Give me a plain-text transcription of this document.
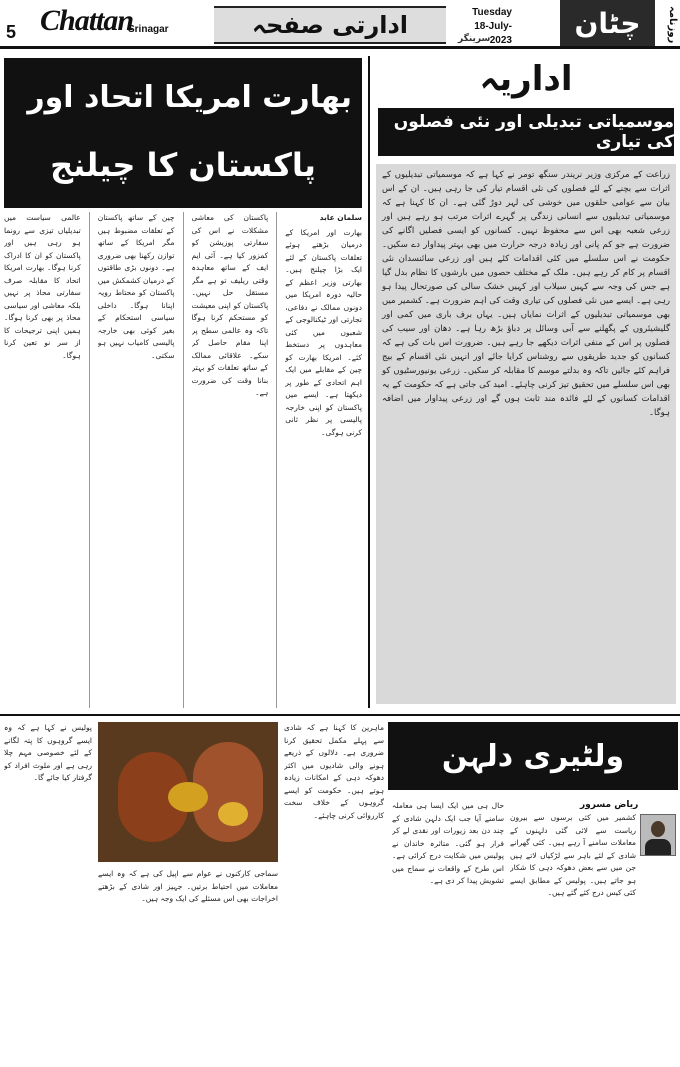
5 Chattan
Srinagar	ادارتی صفحہ	Tuesday
18-July-2023
سرینگر	چٹان	روزنامہ
اداریہ
موسمیاتی تبدیلی اور نئی فصلوں کی تیاری
زراعت کے مرکزی وزیر نریندر سنگھ تومر نے کہا ہے کہ موسمیاتی تبدیلیوں کے اثرات سے بچنے کے لئے فصلوں کی نئی اقسام تیار کی جا رہی ہیں۔ ان کے اس بیان سے عوامی حلقوں میں خوشی کی لہر دوڑ گئی ہے۔ ان کا کہنا ہے کہ موسمیاتی تبدیلیوں سے انسانی زندگی پر گہرے اثرات مرتب ہو رہے ہیں اور زرعی شعبہ بھی اس سے محفوظ نہیں۔ کسانوں کو ایسی فصلیں اگانے کی ضرورت ہے جو کم پانی اور زیادہ درجہ حرارت میں بھی بہتر پیداوار دے سکیں۔ حکومت نے اس سلسلے میں کئی اقدامات کئے ہیں اور زرعی سائنسدان نئی اقسام پر کام کر رہے ہیں۔ ملک کے مختلف حصوں میں بارشوں کا نظام بدل گیا ہے جس کی وجہ سے کہیں سیلاب اور کہیں خشک سالی کی صورتحال پیدا ہو رہی ہے۔ ایسے میں نئی فصلوں کی تیاری وقت کی اہم ضرورت ہے۔ کشمیر میں بھی موسمیاتی تبدیلیوں کے اثرات نمایاں ہیں۔ یہاں برف باری میں کمی اور گلیشیئروں کے پگھلنے سے آبی وسائل پر دباؤ بڑھ رہا ہے۔ دھان اور سیب کی فصلوں پر اس کے منفی اثرات دیکھے جا رہے ہیں۔ ضرورت اس بات کی ہے کہ کسانوں کو جدید طریقوں سے روشناس کرایا جائے اور انہیں نئی اقسام کے بیج فراہم کئے جائیں تاکہ وہ بدلتے موسم کا مقابلہ کر سکیں۔ زرعی یونیورسٹیوں کو بھی اس سلسلے میں تحقیق تیز کرنی چاہئے۔ امید کی جاتی ہے کہ حکومت کے یہ اقدامات کسانوں کے لئے فائدہ مند ثابت ہوں گے اور زرعی پیداوار میں اضافہ ہوگا۔
بھارت امریکا اتحاد اور
پاکستان کا چیلنج
سلمان عابد
بھارت اور امریکا کے درمیان بڑھتے ہوئے تعلقات پاکستان کے لئے ایک بڑا چیلنج ہیں۔ بھارتی وزیر اعظم کے حالیہ دورہ امریکا میں دونوں ممالک نے دفاعی، تجارتی اور ٹیکنالوجی کے شعبوں میں کئی معاہدوں پر دستخط کئے۔ امریکا بھارت کو چین کے مقابلے میں ایک اہم اتحادی کے طور پر دیکھتا ہے۔ ایسے میں پاکستان کو اپنی خارجہ پالیسی پر نظر ثانی کرنی ہوگی۔
پاکستان کی معاشی مشکلات نے اس کی سفارتی پوزیشن کو کمزور کیا ہے۔ آئی ایم ایف کے ساتھ معاہدہ وقتی ریلیف تو ہے مگر مستقل حل نہیں۔ پاکستان کو اپنی معیشت کو مستحکم کرنا ہوگا تاکہ وہ عالمی سطح پر اپنا مقام حاصل کر سکے۔ علاقائی ممالک کے ساتھ تعلقات کو بہتر بنانا وقت کی ضرورت ہے۔
چین کے ساتھ پاکستان کے تعلقات مضبوط ہیں مگر امریکا کے ساتھ توازن رکھنا بھی ضروری ہے۔ دونوں بڑی طاقتوں کے درمیان کشمکش میں پاکستان کو محتاط رویہ اپنانا ہوگا۔ داخلی سیاسی استحکام کے بغیر کوئی بھی خارجہ پالیسی کامیاب نہیں ہو سکتی۔
عالمی سیاست میں تبدیلیاں تیزی سے رونما ہو رہی ہیں اور پاکستان کو ان کا ادراک کرنا ہوگا۔ بھارت امریکا اتحاد کا مقابلہ صرف سفارتی محاذ پر نہیں بلکہ معاشی اور سیاسی محاذ پر بھی کرنا ہوگا۔ ہمیں اپنی ترجیحات کا از سر نو تعین کرنا ہوگا۔
ولٹیری دلہن
ریاض مسرور
کشمیر میں کئی برسوں سے بیرون ریاست سے لائی گئی دلہنوں کے معاملات سامنے آ رہے ہیں۔ کئی گھرانے شادی کے لئے باہر سے لڑکیاں لاتے ہیں جن میں سے بعض دھوکہ دہی کا شکار ہو جاتے ہیں۔ پولیس کے مطابق ایسے کئی کیس درج کئے گئے ہیں۔
حال ہی میں ایک ایسا ہی معاملہ سامنے آیا جب ایک دلہن شادی کے چند دن بعد زیورات اور نقدی لے کر فرار ہو گئی۔ متاثرہ خاندان نے پولیس میں شکایت درج کرائی ہے۔ اس طرح کے واقعات نے سماج میں تشویش پیدا کر دی ہے۔
ماہرین کا کہنا ہے کہ شادی سے پہلے مکمل تحقیق کرنا ضروری ہے۔ دلالوں کے ذریعے ہونے والی شادیوں میں اکثر دھوکہ دہی کے امکانات زیادہ ہوتے ہیں۔ حکومت کو ایسے گروہوں کے خلاف سخت کارروائی کرنی چاہئے۔
سماجی کارکنوں نے عوام سے اپیل کی ہے کہ وہ ایسے معاملات میں احتیاط برتیں۔ جہیز اور شادی کے بڑھتے اخراجات بھی اس مسئلے کی ایک وجہ ہیں۔
پولیس نے کہا ہے کہ وہ ایسے گروہوں کا پتہ لگانے کے لئے خصوصی مہم چلا رہی ہے اور ملوث افراد کو گرفتار کیا جائے گا۔
